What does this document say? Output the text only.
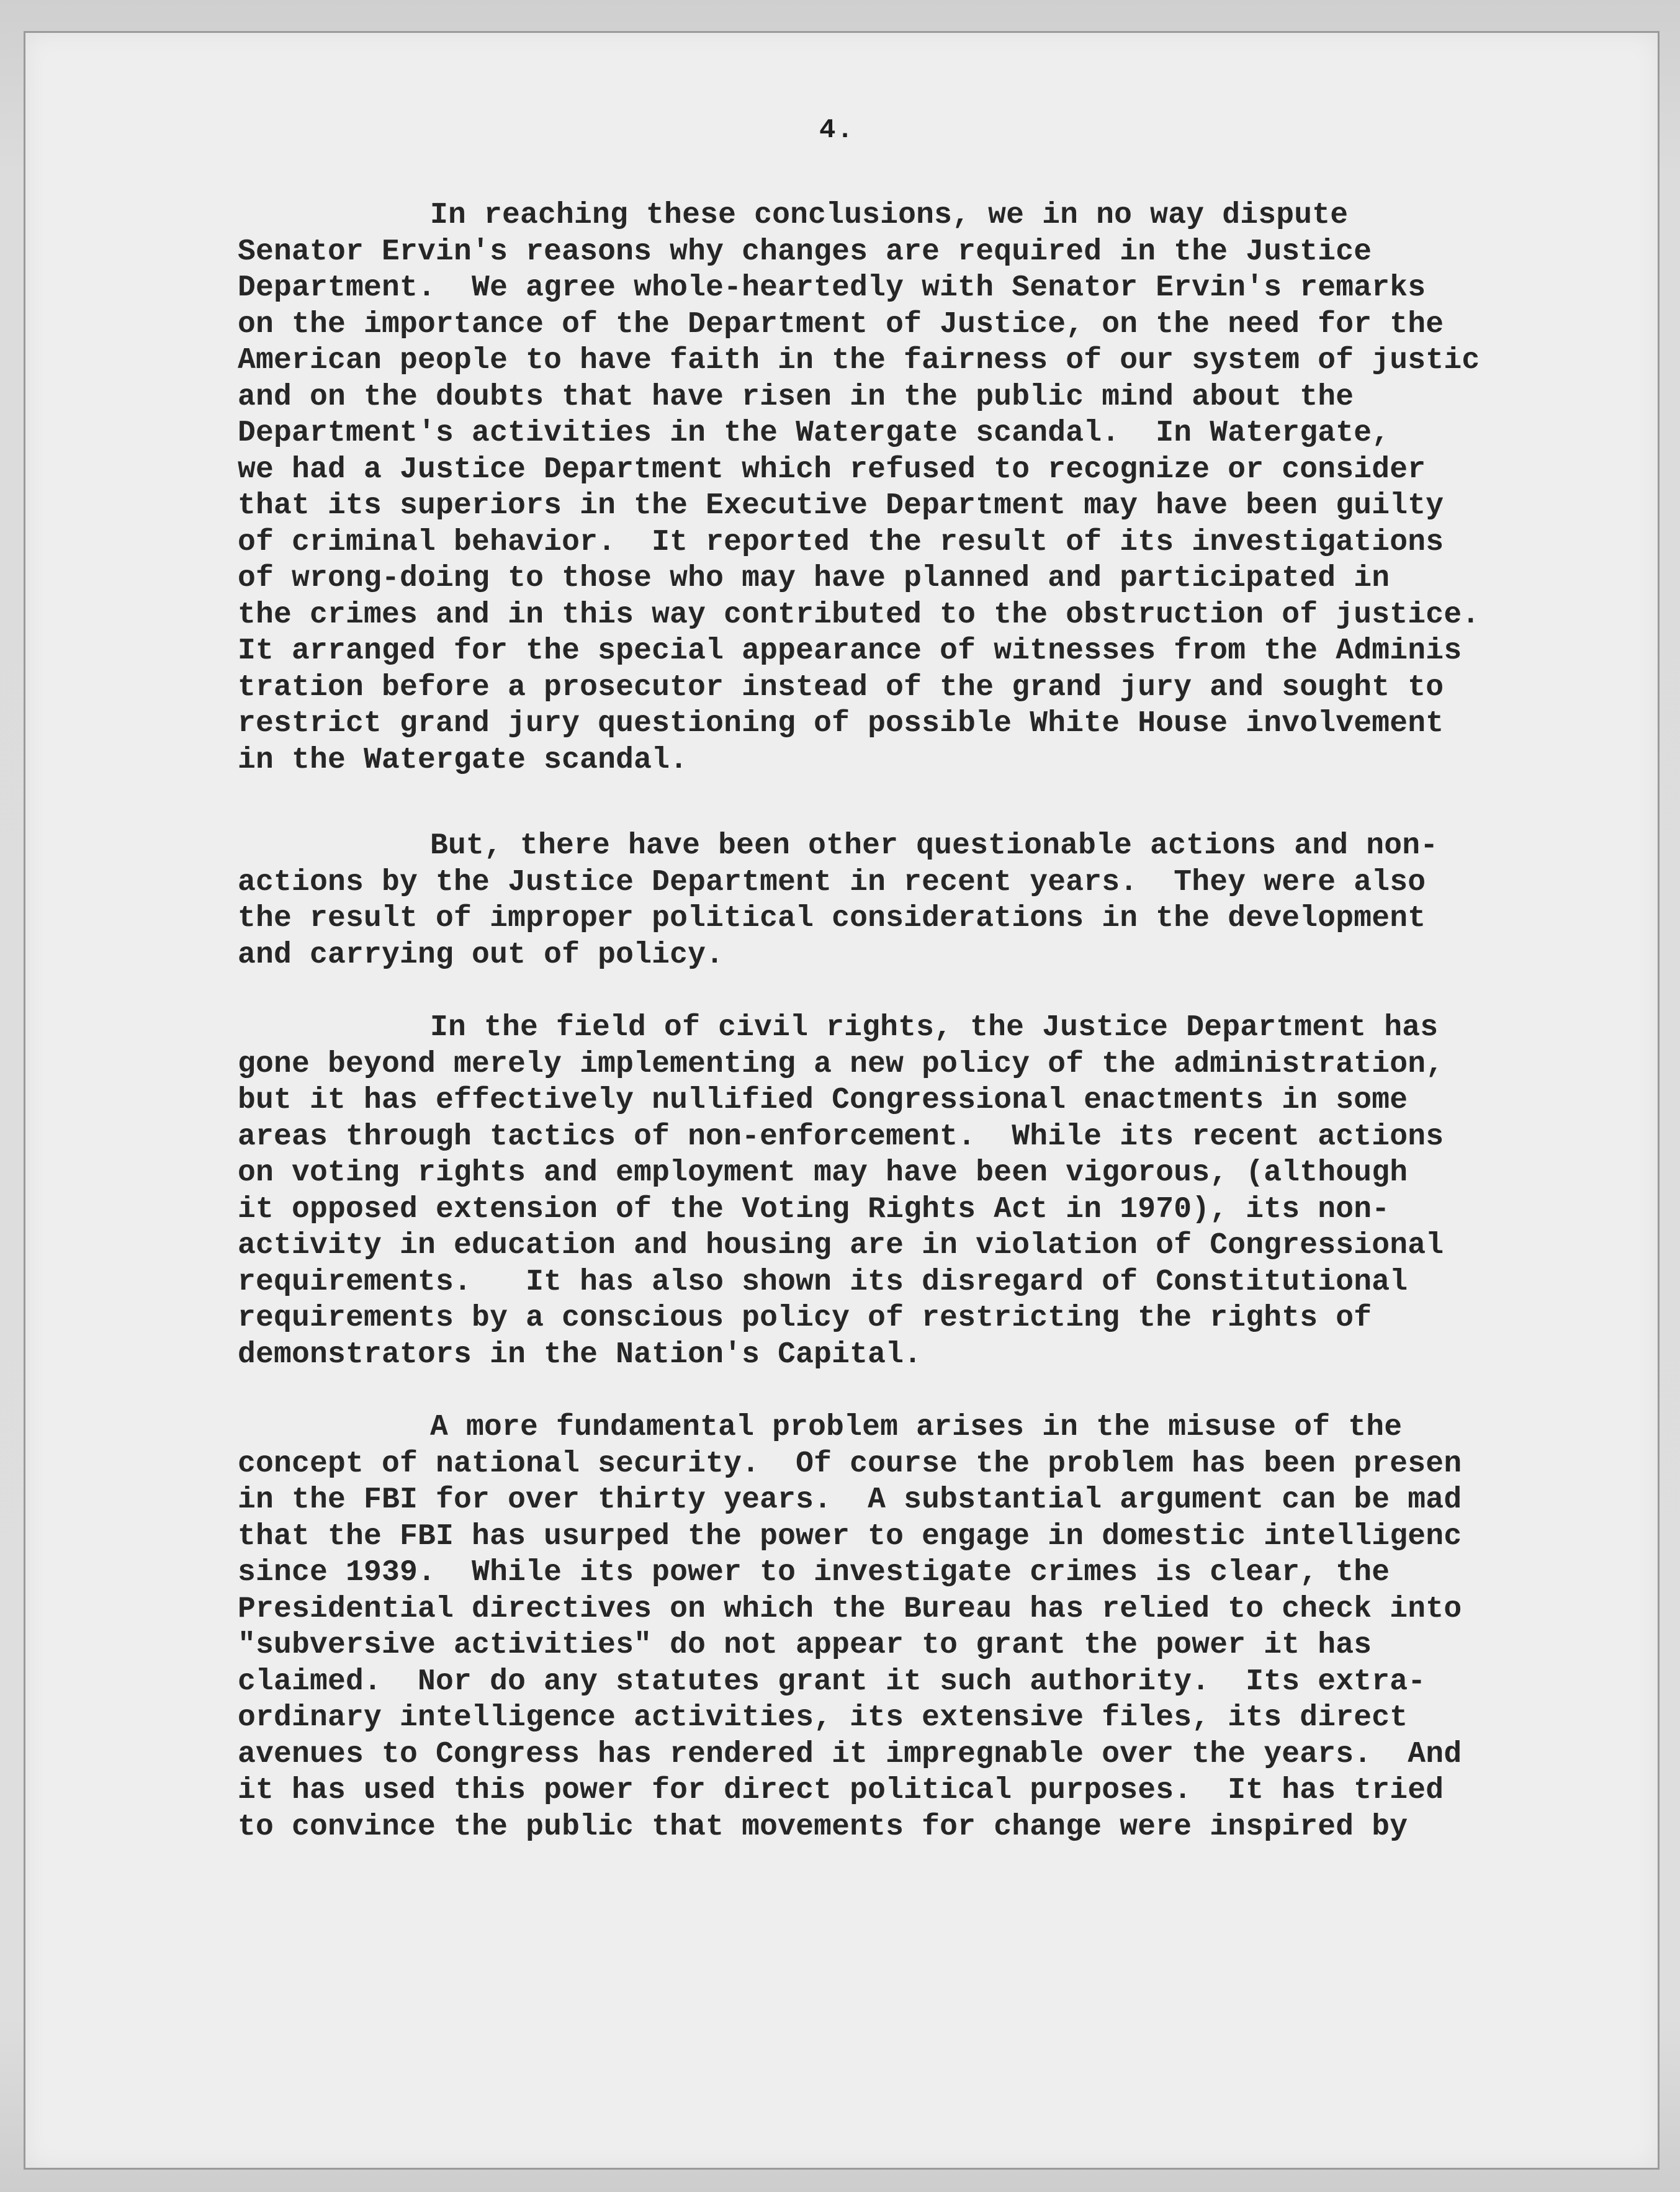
4.
In reaching these conclusions, we in no way dispute
Senator Ervin's reasons why changes are required in the Justice
Department.  We agree whole-heartedly with Senator Ervin's remarks
on the importance of the Department of Justice, on the need for the
American people to have faith in the fairness of our system of justic
and on the doubts that have risen in the public mind about the
Department's activities in the Watergate scandal.  In Watergate,
we had a Justice Department which refused to recognize or consider
that its superiors in the Executive Department may have been guilty
of criminal behavior.  It reported the result of its investigations
of wrong-doing to those who may have planned and participated in
the crimes and in this way contributed to the obstruction of justice.
It arranged for the special appearance of witnesses from the Adminis
tration before a prosecutor instead of the grand jury and sought to
restrict grand jury questioning of possible White House involvement
in the Watergate scandal.
But, there have been other questionable actions and non-
actions by the Justice Department in recent years.  They were also
the result of improper political considerations in the development
and carrying out of policy.
In the field of civil rights, the Justice Department has
gone beyond merely implementing a new policy of the administration,
but it has effectively nullified Congressional enactments in some
areas through tactics of non-enforcement.  While its recent actions
on voting rights and employment may have been vigorous, (although
it opposed extension of the Voting Rights Act in 1970), its non-
activity in education and housing are in violation of Congressional
requirements.   It has also shown its disregard of Constitutional
requirements by a conscious policy of restricting the rights of
demonstrators in the Nation's Capital.
A more fundamental problem arises in the misuse of the
concept of national security.  Of course the problem has been presen
in the FBI for over thirty years.  A substantial argument can be mad
that the FBI has usurped the power to engage in domestic intelligenc
since 1939.  While its power to investigate crimes is clear, the
Presidential directives on which the Bureau has relied to check into
"subversive activities" do not appear to grant the power it has
claimed.  Nor do any statutes grant it such authority.  Its extra-
ordinary intelligence activities, its extensive files, its direct
avenues to Congress has rendered it impregnable over the years.  And
it has used this power for direct political purposes.  It has tried
to convince the public that movements for change were inspired by
